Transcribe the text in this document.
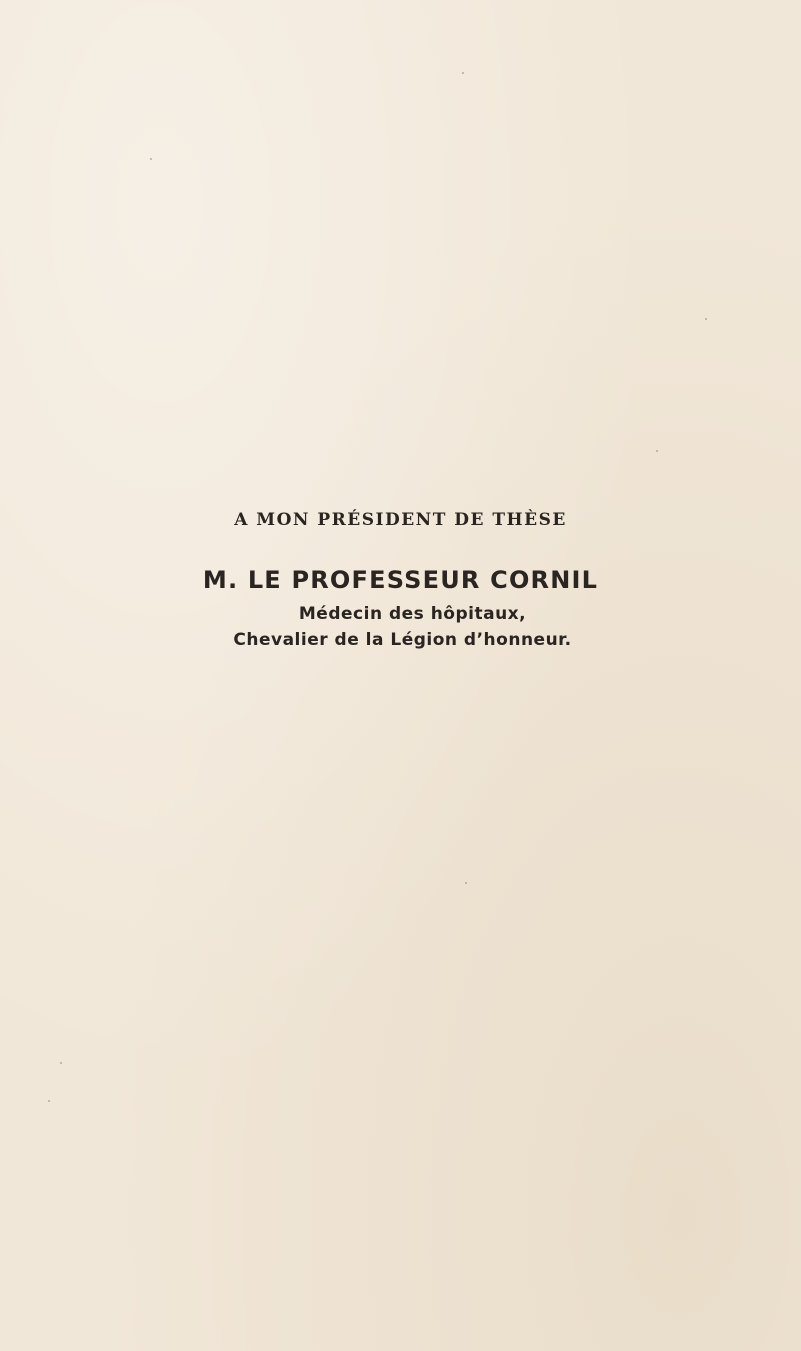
A MON PRÉSIDENT DE THÈSE
M. LE PROFESSEUR CORNIL
Médecin des hôpitaux,
Chevalier de la Légion d’honneur.
